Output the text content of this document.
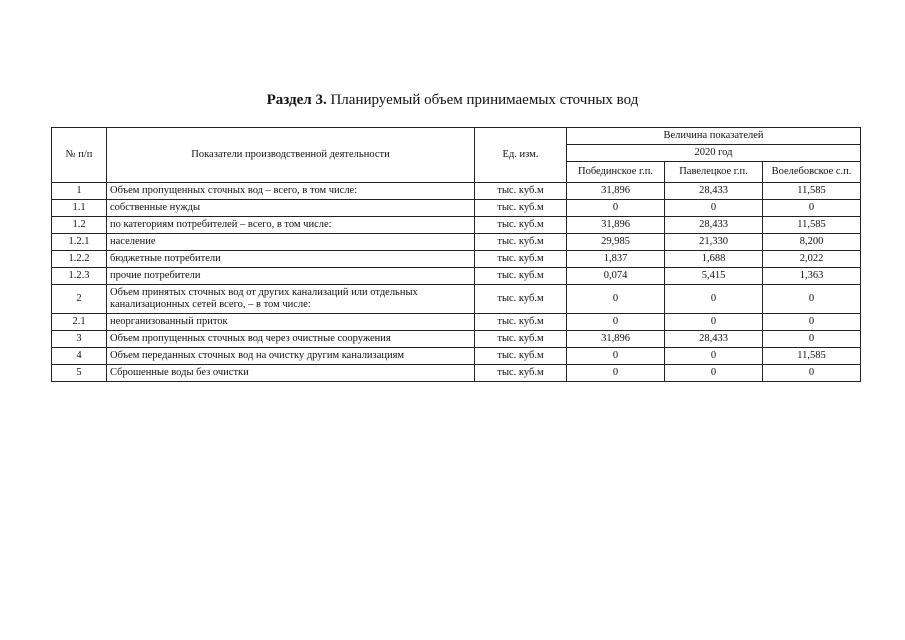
Раздел 3. Планируемый объем принимаемых сточных вод
№ п/п	Показатели производственной деятельности	Ед. изм.	Величина показателей		
			2020 год		
			Побединское г.п.	Павелецкое г.п.	Воелебовское с.п.
1	Объем пропущенных сточных вод – всего, в том числе:	тыс. куб.м	31,896	28,433	11,585
1.1	собственные нужды	тыс. куб.м	0	0	0
1.2	по категориям потребителей – всего, в том числе:	тыс. куб.м	31,896	28,433	11,585
1.2.1	население	тыс. куб.м	29,985	21,330	8,200
1.2.2	бюджетные потребители	тыс. куб.м	1,837	1,688	2,022
1.2.3	прочие потребители	тыс. куб.м	0,074	5,415	1,363
2	Объем принятых сточных вод от других канализаций или отдельных канализационных сетей всего, – в том числе:	тыс. куб.м	0	0	0
2.1	неорганизованный приток	тыс. куб.м	0	0	0
3	Объем пропущенных сточных вод через очистные сооружения	тыс. куб.м	31,896	28,433	0
4	Объем переданных сточных вод на очистку другим канализациям	тыс. куб.м	0	0	11,585
5	Сброшенные воды без очистки	тыс. куб.м	0	0	0
